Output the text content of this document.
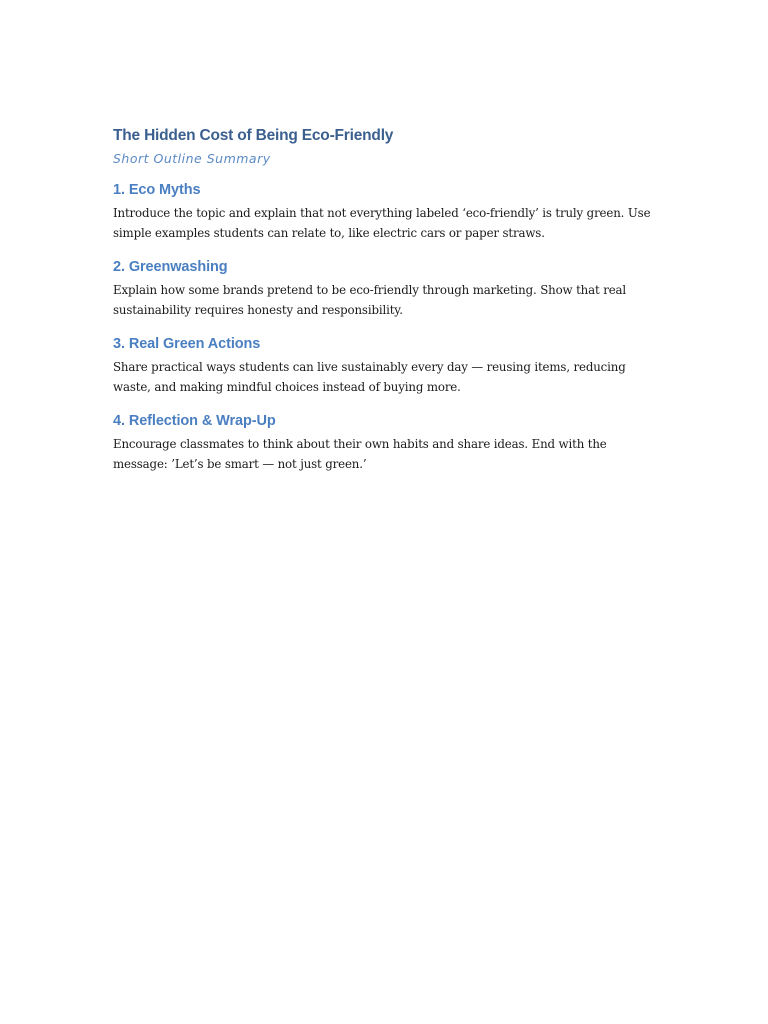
The Hidden Cost of Being Eco-Friendly

Short Outline Summary

1. Eco Myths

Introduce the topic and explain that not everything labeled ‘eco-friendly’ is truly green. Use simple examples students can relate to, like electric cars or paper straws.

2. Greenwashing

Explain how some brands pretend to be eco-friendly through marketing. Show that real sustainability requires honesty and responsibility.

3. Real Green Actions

Share practical ways students can live sustainably every day — reusing items, reducing waste, and making mindful choices instead of buying more.

4. Reflection & Wrap-Up

Encourage classmates to think about their own habits and share ideas. End with the message: ’Let’s be smart — not just green.’
